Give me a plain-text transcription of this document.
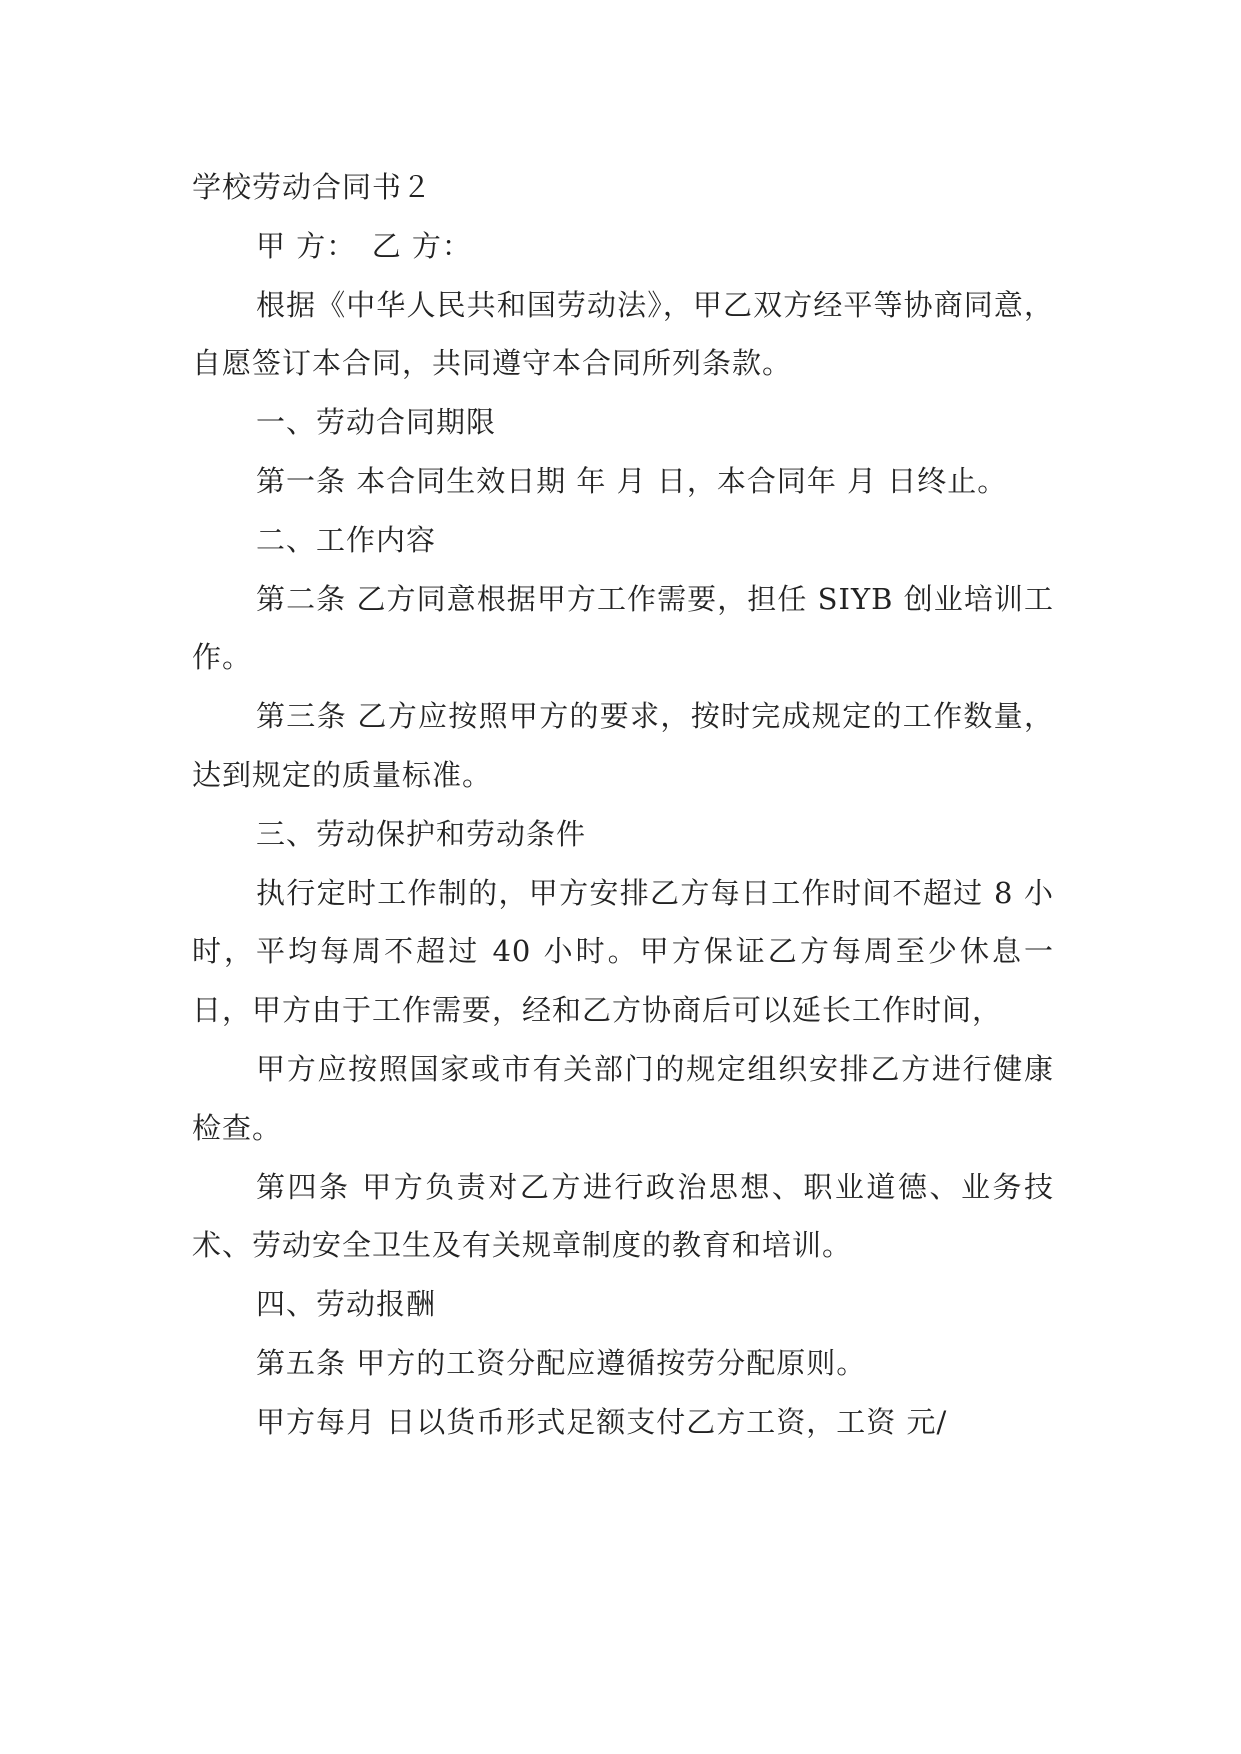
学校劳动合同书２

甲 方：　乙 方：

根据《中华人民共和国劳动法》，甲乙双方经平等协商同意，自愿签订本合同，共同遵守本合同所列条款。

一、劳动合同期限

第一条 本合同生效日期 年 月 日，本合同年 月 日终止。

二、工作内容

第二条 乙方同意根据甲方工作需要，担任 SIYB 创业培训工作。

第三条 乙方应按照甲方的要求，按时完成规定的工作数量，达到规定的质量标准。

三、劳动保护和劳动条件

执行定时工作制的，甲方安排乙方每日工作时间不超过 8 小时，平均每周不超过 40 小时。甲方保证乙方每周至少休息一日，甲方由于工作需要，经和乙方协商后可以延长工作时间，

甲方应按照国家或市有关部门的规定组织安排乙方进行健康检查。

第四条 甲方负责对乙方进行政治思想、职业道德、业务技术、劳动安全卫生及有关规章制度的教育和培训。

四、劳动报酬

第五条 甲方的工资分配应遵循按劳分配原则。

甲方每月 日以货币形式足额支付乙方工资，工资 元/
